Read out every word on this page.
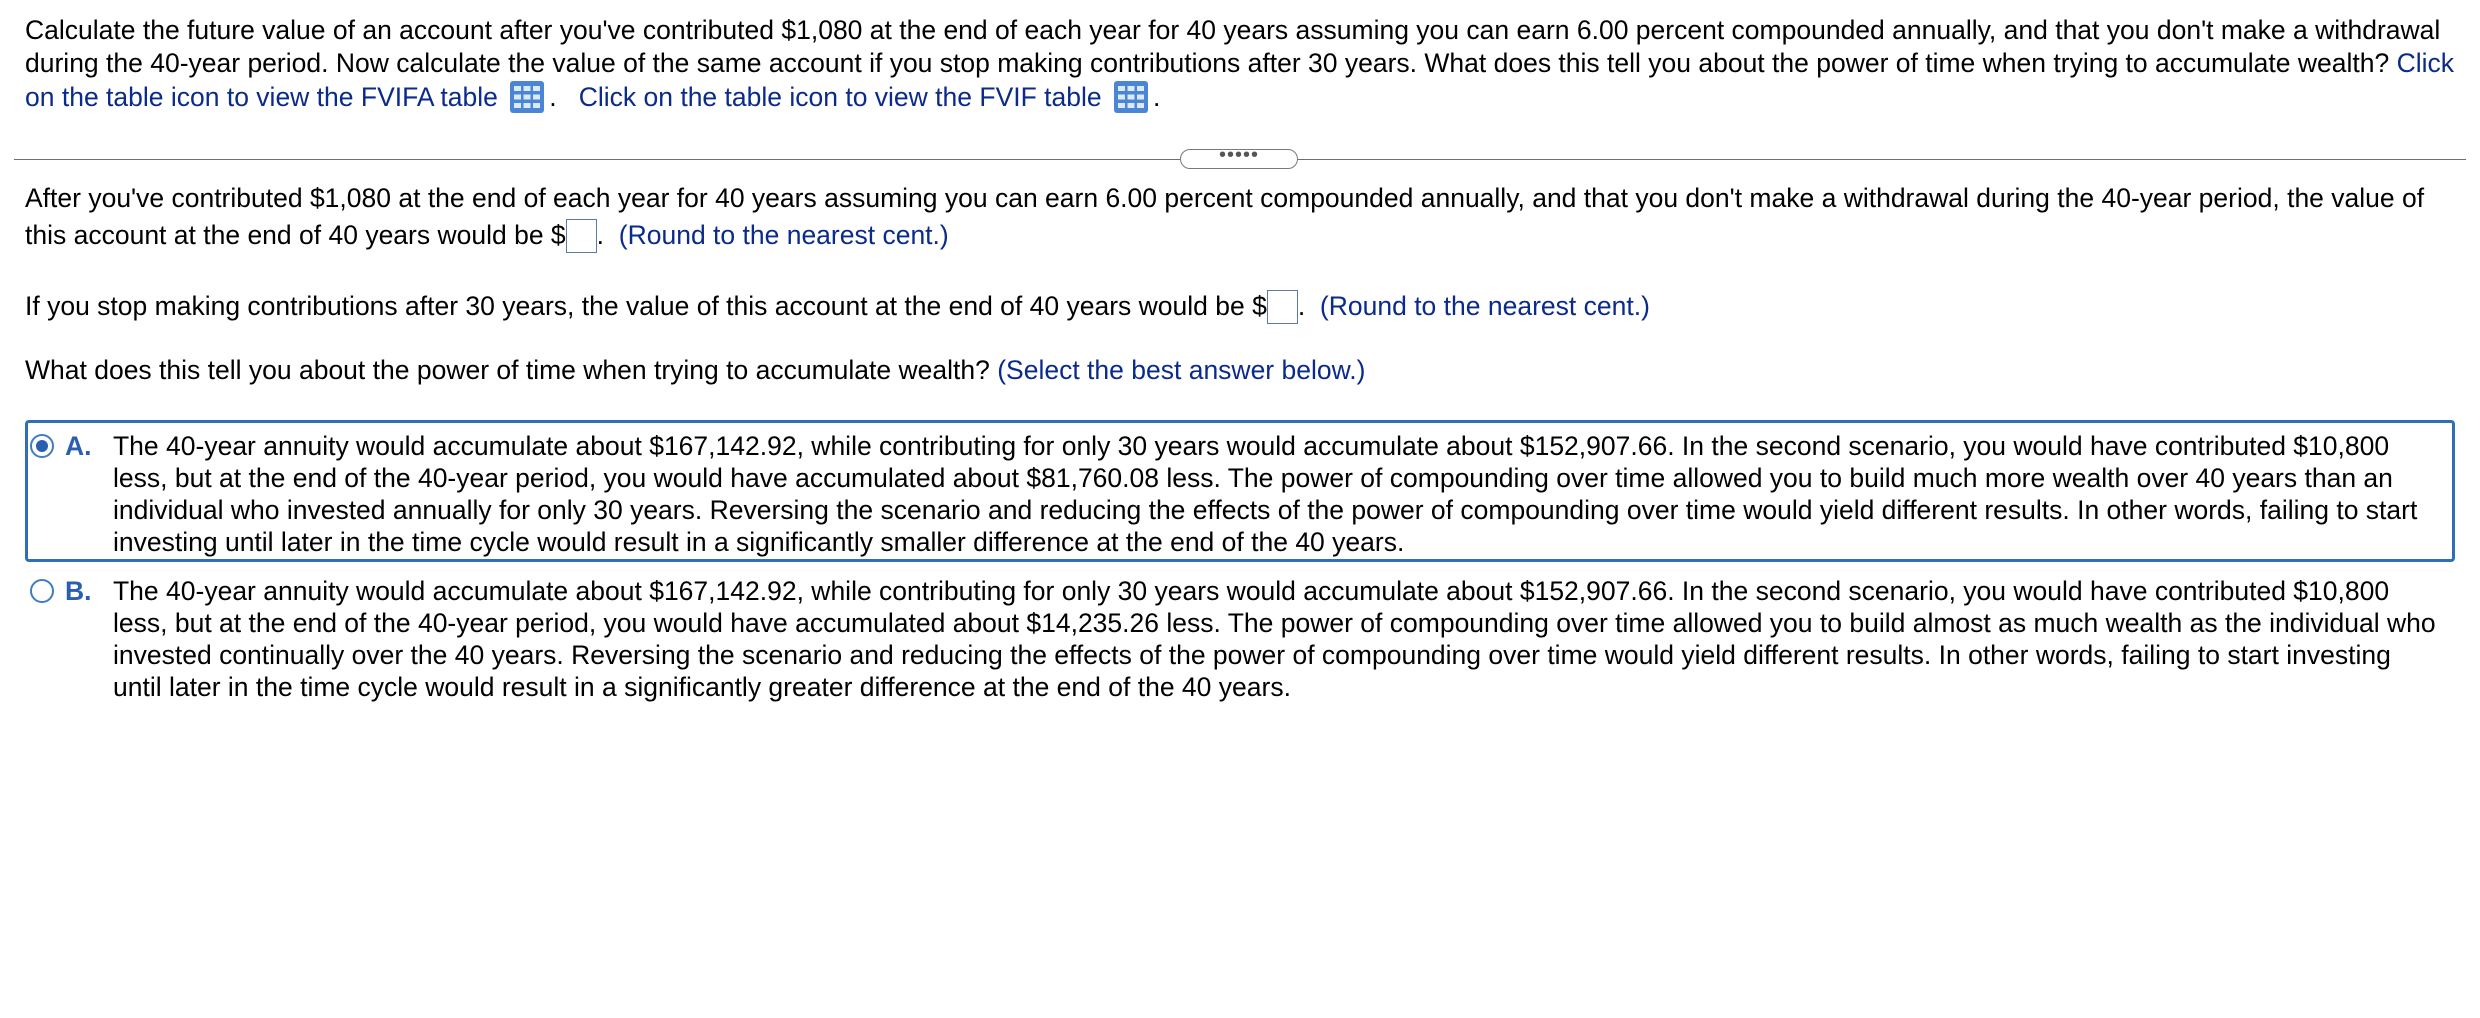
Calculate the future value of an account after you've contributed $1,080 at the end of each year for 40 years assuming you can earn 6.00 percent compounded annually, and that you don't make a withdrawal during the 40-year period. Now calculate the value of the same account if you stop making contributions after 30 years. What does this tell you about the power of time when trying to accumulate wealth? Click on the table icon to view the FVIFA table . Click on the table icon to view the FVIF table .
•••••

After you've contributed $1,080 at the end of each year for 40 years assuming you can earn 6.00 percent compounded annually, and that you don't make a withdrawal during the 40-year period, the value of this account at the end of 40 years would be $ .  (Round to the nearest cent.)

If you stop making contributions after 30 years, the value of this account at the end of 40 years would be $ .  (Round to the nearest cent.)

What does this tell you about the power of time when trying to accumulate wealth? (Select the best answer below.)

A. The 40-year annuity would accumulate about $167,142.92, while contributing for only 30 years would accumulate about $152,907.66. In the second scenario, you would have contributed $10,800 less, but at the end of the 40-year period, you would have accumulated about $81,760.08 less. The power of compounding over time allowed you to build much more wealth over 40 years than an individual who invested annually for only 30 years. Reversing the scenario and reducing the effects of the power of compounding over time would yield different results. In other words, failing to start investing until later in the time cycle would result in a significantly smaller difference at the end of the 40 years.
B. The 40-year annuity would accumulate about $167,142.92, while contributing for only 30 years would accumulate about $152,907.66. In the second scenario, you would have contributed $10,800 less, but at the end of the 40-year period, you would have accumulated about $14,235.26 less. The power of compounding over time allowed you to build almost as much wealth as the individual who invested continually over the 40 years. Reversing the scenario and reducing the effects of the power of compounding over time would yield different results. In other words, failing to start investing until later in the time cycle would result in a significantly greater difference at the end of the 40 years.
